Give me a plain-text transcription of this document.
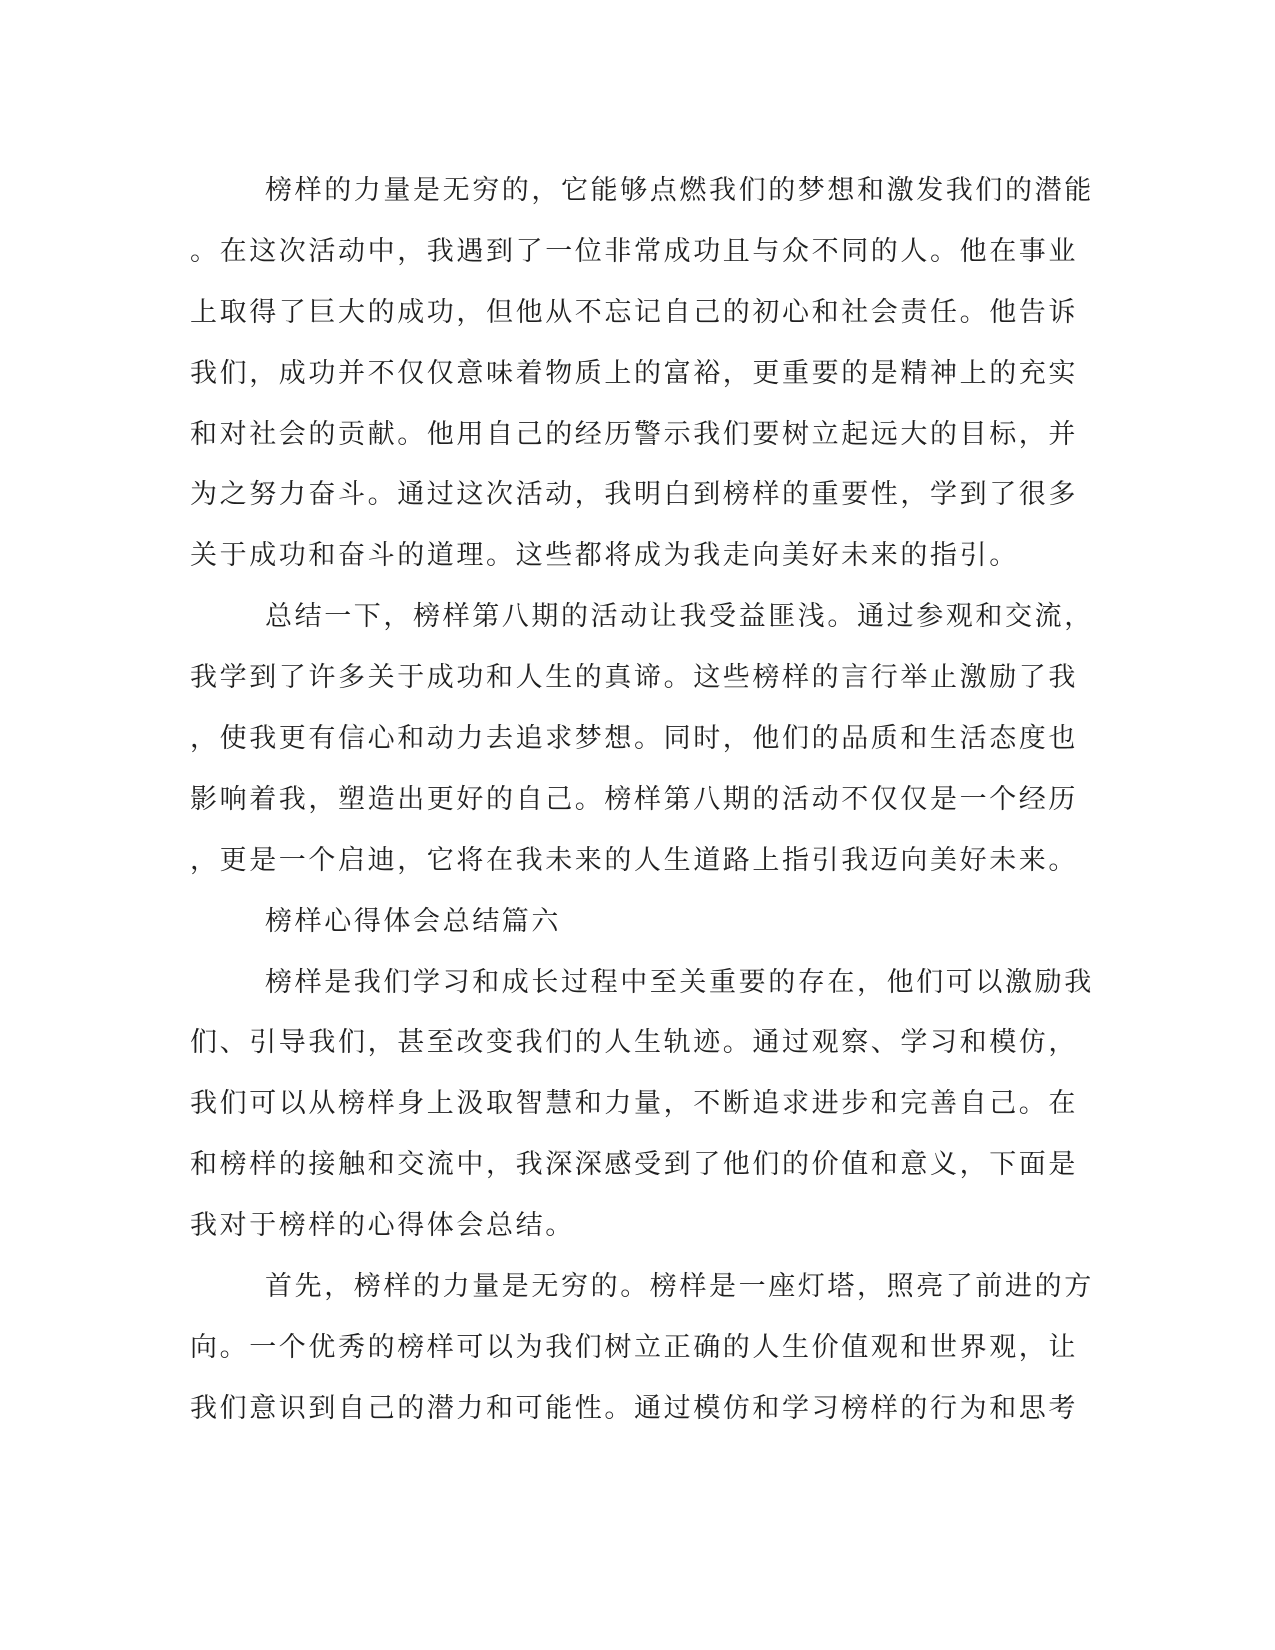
榜样的力量是无穷的，它能够点燃我们的梦想和激发我们的潜能
。在这次活动中，我遇到了一位非常成功且与众不同的人。他在事业
上取得了巨大的成功，但他从不忘记自己的初心和社会责任。他告诉
我们，成功并不仅仅意味着物质上的富裕，更重要的是精神上的充实
和对社会的贡献。他用自己的经历警示我们要树立起远大的目标，并
为之努力奋斗。通过这次活动，我明白到榜样的重要性，学到了很多
关于成功和奋斗的道理。这些都将成为我走向美好未来的指引。
总结一下，榜样第八期的活动让我受益匪浅。通过参观和交流，
我学到了许多关于成功和人生的真谛。这些榜样的言行举止激励了我
，使我更有信心和动力去追求梦想。同时，他们的品质和生活态度也
影响着我，塑造出更好的自己。榜样第八期的活动不仅仅是一个经历
，更是一个启迪，它将在我未来的人生道路上指引我迈向美好未来。
榜样心得体会总结篇六
榜样是我们学习和成长过程中至关重要的存在，他们可以激励我
们、引导我们，甚至改变我们的人生轨迹。通过观察、学习和模仿，
我们可以从榜样身上汲取智慧和力量，不断追求进步和完善自己。在
和榜样的接触和交流中，我深深感受到了他们的价值和意义，下面是
我对于榜样的心得体会总结。
首先，榜样的力量是无穷的。榜样是一座灯塔，照亮了前进的方
向。一个优秀的榜样可以为我们树立正确的人生价值观和世界观，让
我们意识到自己的潜力和可能性。通过模仿和学习榜样的行为和思考
